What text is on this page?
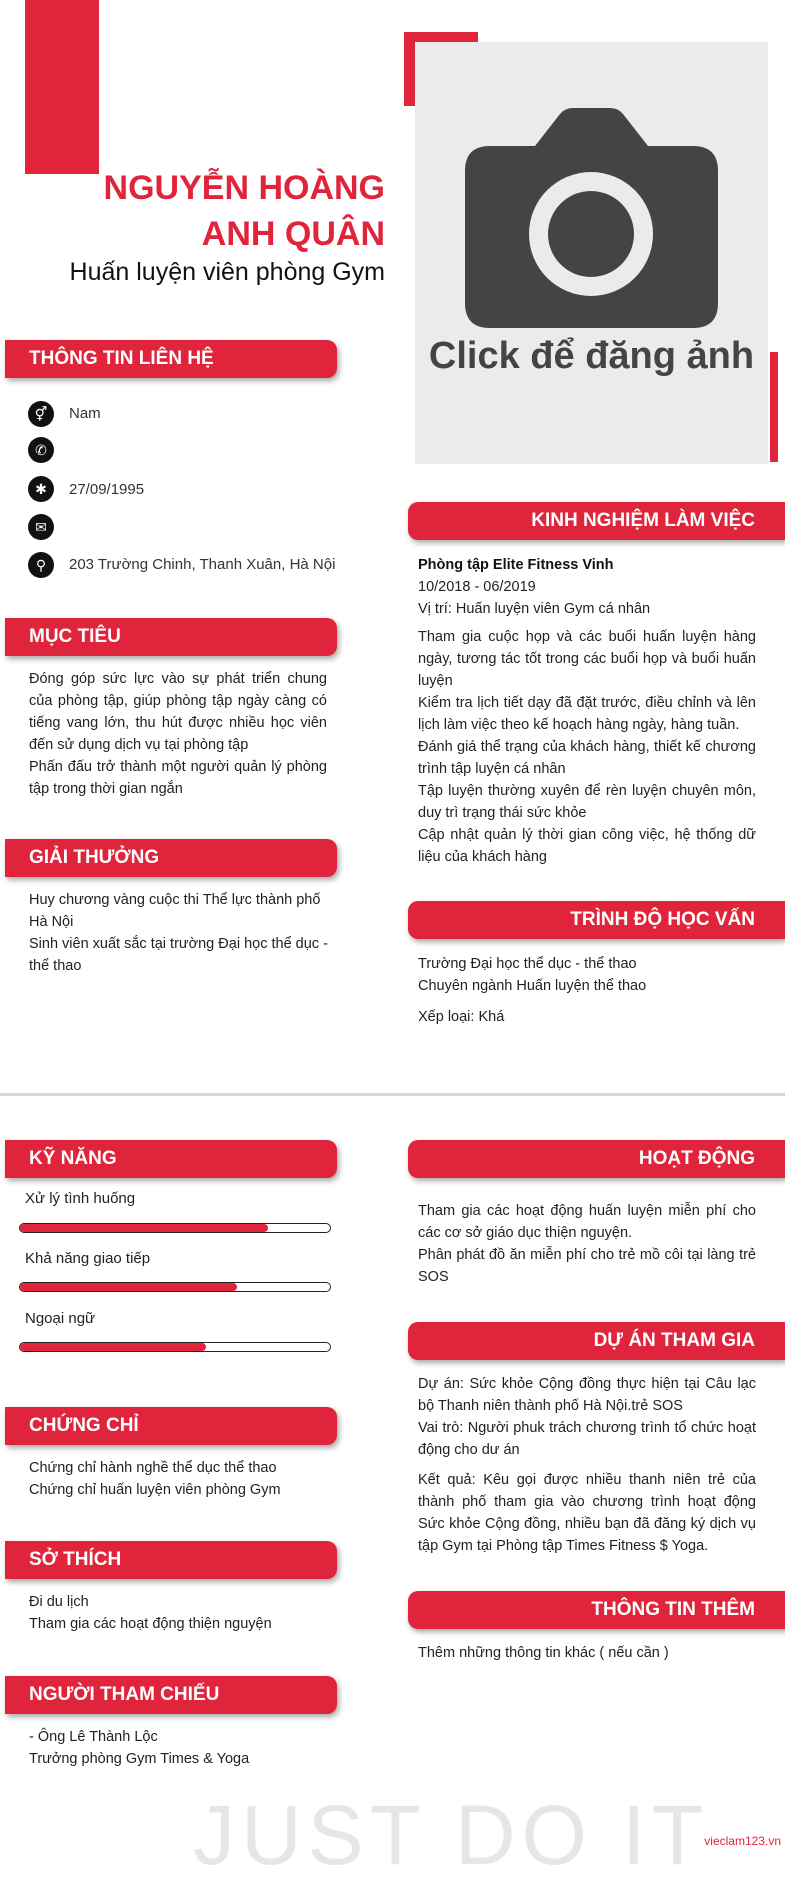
NGUYỄN HOÀNG
ANH QUÂN
Huấn luyện viên phòng Gym
Click để đăng ảnh
THÔNG TIN LIÊN HỆ
⚥	Nam
✆
✱	27/09/1995
✉
⚲	203 Trường Chinh, Thanh Xuân, Hà Nội
MỤC TIÊU

Đóng góp sức lực vào sự phát triển chung của phòng tập, giúp phòng tập ngày càng có tiếng vang lớn, thu hút được nhiều học viên đến sử dụng dịch vụ tại phòng tập

Phấn đấu trở thành một người quản lý phòng tập trong thời gian ngắn

GIẢI THƯỞNG

Huy chương vàng cuộc thi Thể lực thành phố Hà Nội

Sinh viên xuất sắc tại trường Đại học thể dục - thể thao

KINH NGHIỆM LÀM VIỆC

Phòng tập Elite Fitness Vinh

10/2018 - 06/2019

Vị trí: Huấn luyện viên Gym cá nhân

Tham gia cuộc họp và các buổi huấn luyện hàng ngày, tương tác tốt trong các buổi họp và buổi huấn luyện

Kiểm tra lịch tiết dạy đã đặt trước, điều chỉnh và lên lịch làm việc theo kế hoạch hàng ngày, hàng tuần.

Đánh giá thể trạng của khách hàng, thiết kế chương trình tập luyện cá nhân

Tập luyện thường xuyên để rèn luyện chuyên môn, duy trì trạng thái sức khỏe

Cập nhật quản lý thời gian công việc, hệ thống dữ liệu của khách hàng

TRÌNH ĐỘ HỌC VẤN

Trường Đại học thể dục - thể thao

Chuyên ngành Huấn luyện thể thao

Xếp loại: Khá

KỸ NĂNG
Xử lý tình huống
Khả năng giao tiếp
Ngoại ngữ
CHỨNG CHỈ

Chứng chỉ hành nghề thể dục thể thao

Chứng chỉ huấn luyện viên phòng Gym

SỞ THÍCH

Đi du lịch

Tham gia các hoạt động thiện nguyện

NGƯỜI THAM CHIẾU

- Ông Lê Thành Lộc

Trưởng phòng Gym Times & Yoga

HOẠT ĐỘNG

Tham gia các hoạt động huấn luyện miễn phí cho các cơ sở giáo dục thiện nguyện.

Phân phát đồ ăn miễn phí cho trẻ mồ côi tại làng trẻ SOS

DỰ ÁN THAM GIA

Dự án: Sức khỏe Cộng đồng thực hiện tại Câu lạc bộ Thanh niên thành phố Hà Nội.trẻ SOS

Vai trò: Người phuk trách chương trình tổ chức hoạt động cho dư án

Kết quả: Kêu gọi được nhiều thanh niên trẻ của thành phố tham gia vào chương trình hoạt động Sức khỏe Cộng đồng, nhiều bạn đã đăng ký dịch vụ tập Gym tại Phòng tập Times Fitness $ Yoga.

THÔNG TIN THÊM
Thêm những thông tin khác ( nếu cần )
JUST DO IT
vieclam123.vn
